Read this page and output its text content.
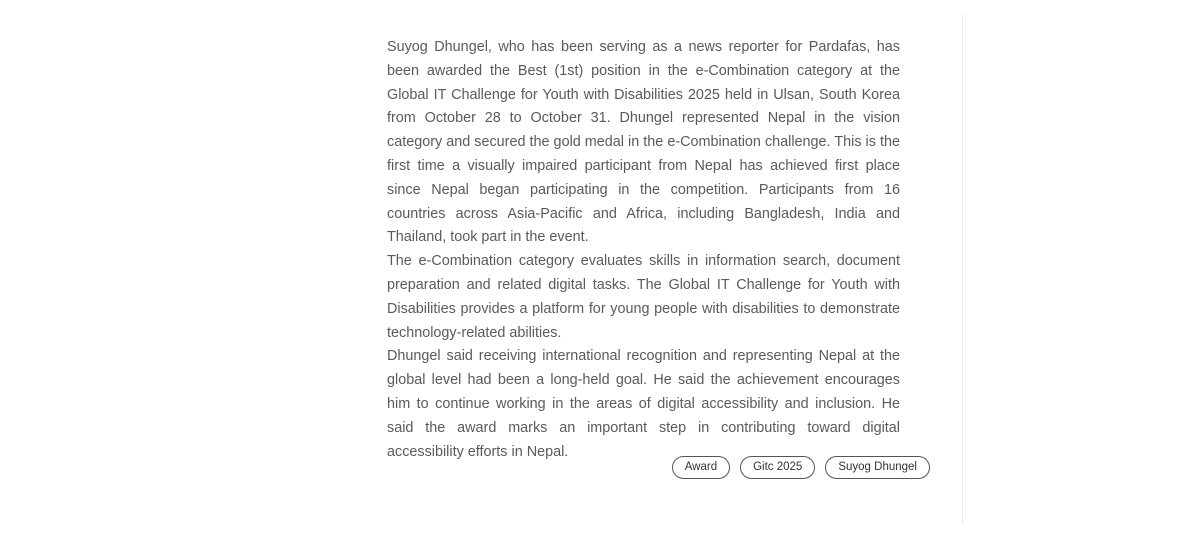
Suyog Dhungel, who has been serving as a news reporter for Pardafas, has been awarded the Best (1st) position in the e-Combination category at the Global IT Challenge for Youth with Disabilities 2025 held in Ulsan, South Korea from October 28 to October 31. Dhungel represented Nepal in the vision category and secured the gold medal in the e-Combination challenge. This is the first time a visually impaired participant from Nepal has achieved first place since Nepal began participating in the competition. Participants from 16 countries across Asia-Pacific and Africa, including Bangladesh, India and Thailand, took part in the event.

The e-Combination category evaluates skills in information search, document preparation and related digital tasks. The Global IT Challenge for Youth with Disabilities provides a platform for young people with disabilities to demonstrate technology-related abilities.

Dhungel said receiving international recognition and representing Nepal at the global level had been a long-held goal. He said the achievement encourages him to continue working in the areas of digital accessibility and inclusion. He said the award marks an important step in contributing toward digital accessibility efforts in Nepal.

Award	Gitc 2025	Suyog Dhungel
